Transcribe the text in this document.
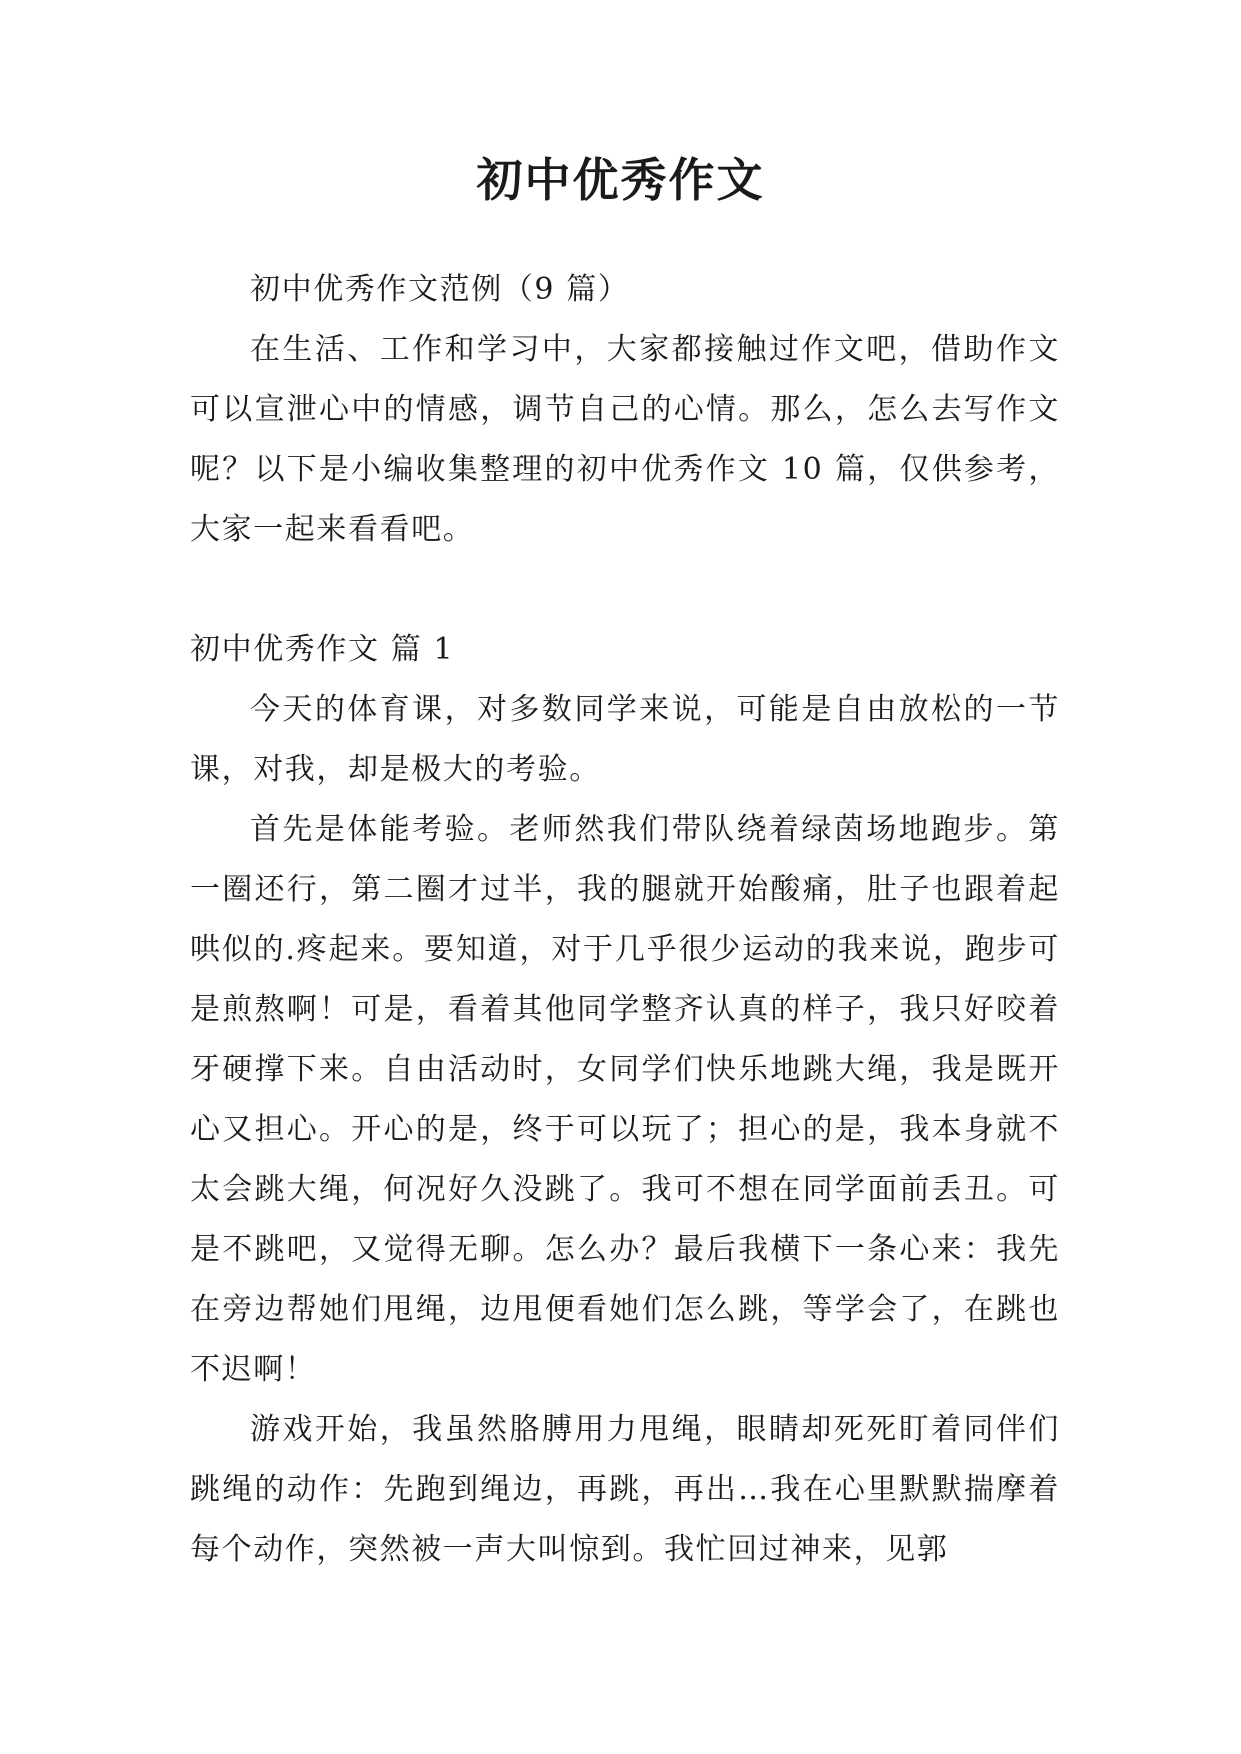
初中优秀作文

初中优秀作文范例（9 篇）

在生活、工作和学习中，大家都接触过作文吧，借助作文可以宣泄心中的情感，调节自己的心情。那么，怎么去写作文呢？以下是小编收集整理的初中优秀作文 10 篇，仅供参考，大家一起来看看吧。

初中优秀作文 篇 1

今天的体育课，对多数同学来说，可能是自由放松的一节课，对我，却是极大的考验。

首先是体能考验。老师然我们带队绕着绿茵场地跑步。第一圈还行，第二圈才过半，我的腿就开始酸痛，肚子也跟着起哄似的.疼起来。要知道，对于几乎很少运动的我来说，跑步可是煎熬啊！可是，看着其他同学整齐认真的样子，我只好咬着牙硬撑下来。自由活动时，女同学们快乐地跳大绳，我是既开心又担心。开心的是，终于可以玩了；担心的是，我本身就不太会跳大绳，何况好久没跳了。我可不想在同学面前丢丑。可是不跳吧，又觉得无聊。怎么办？最后我横下一条心来：我先在旁边帮她们甩绳，边甩便看她们怎么跳，等学会了，在跳也不迟啊！

游戏开始，我虽然胳膊用力甩绳，眼睛却死死盯着同伴们跳绳的动作：先跑到绳边，再跳，再出…我在心里默默揣摩着每个动作，突然被一声大叫惊到。我忙回过神来，见郭
